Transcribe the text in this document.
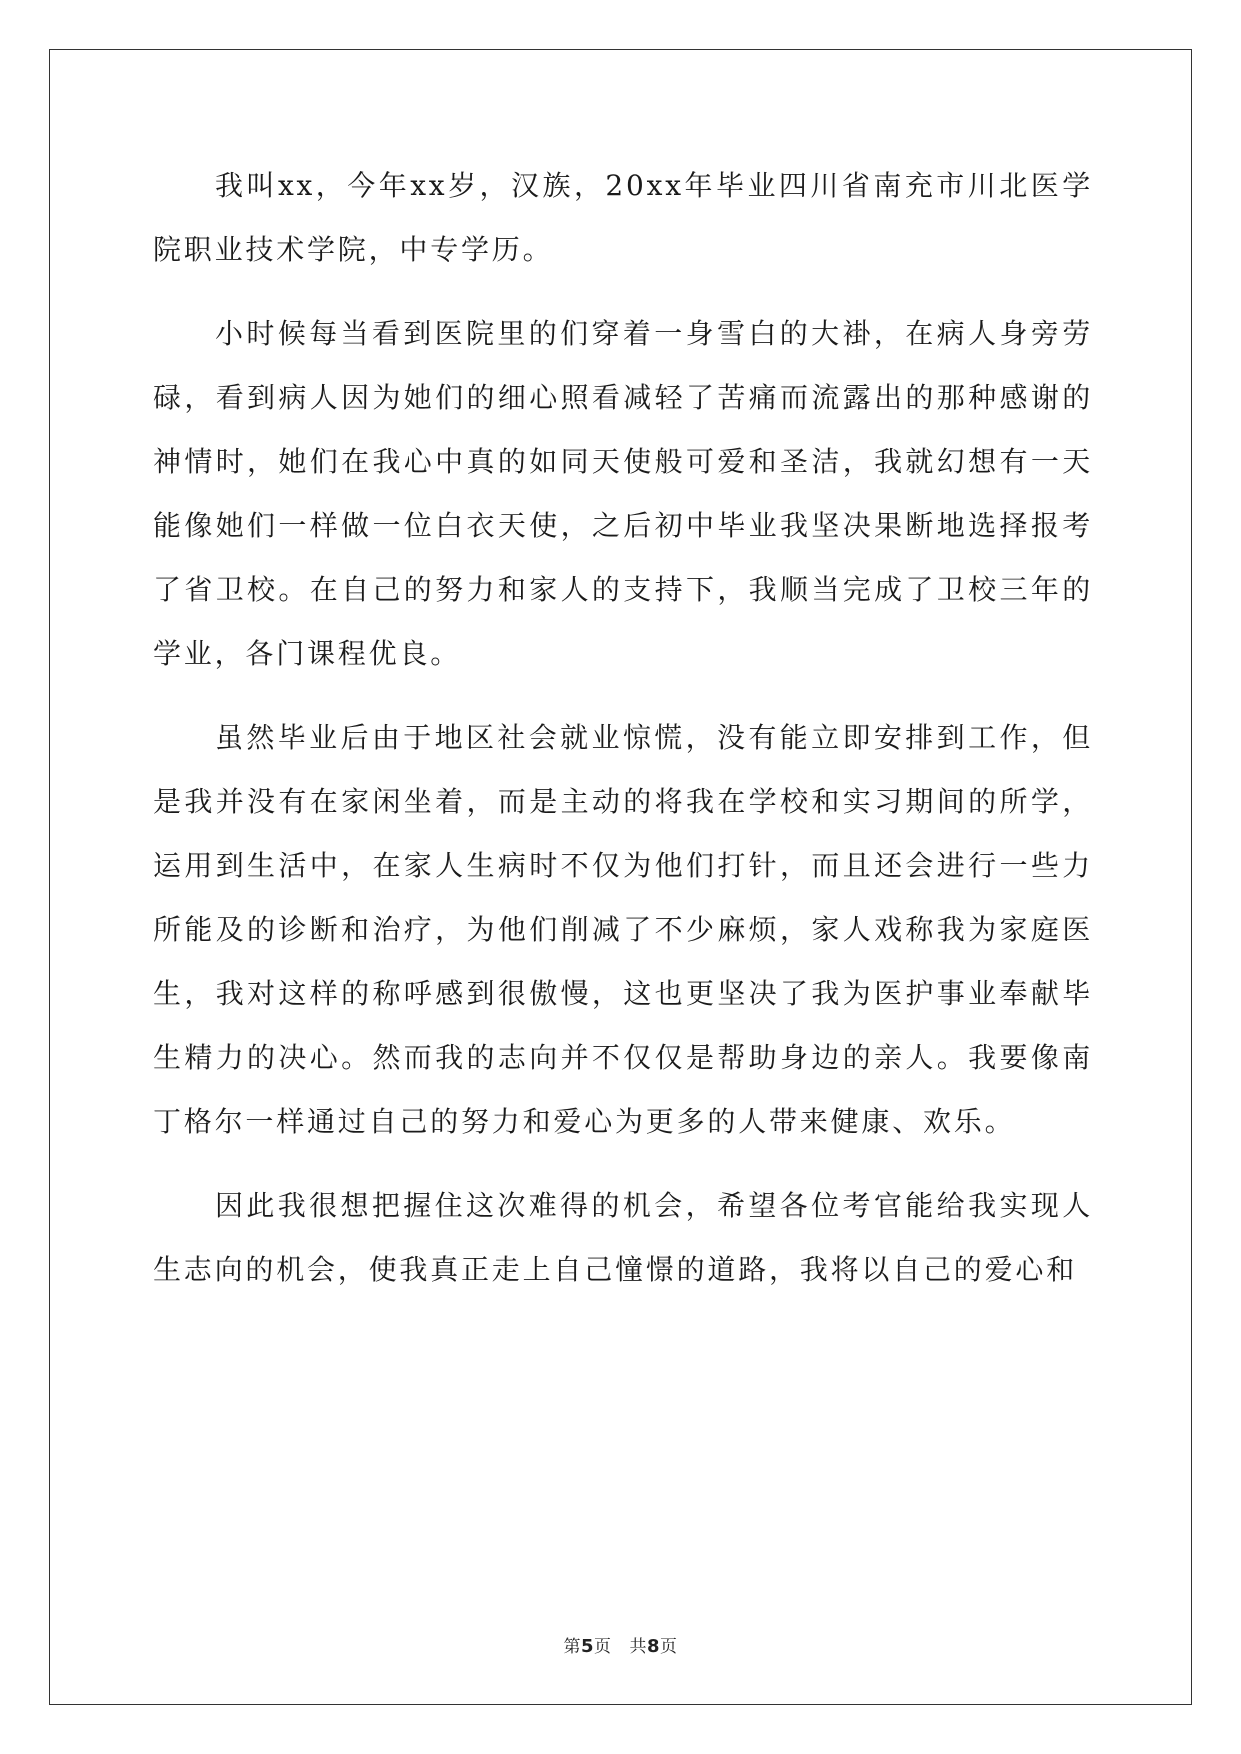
我叫xx，今年xx岁，汉族，20xx年毕业四川省南充市川北医学院职业技术学院，中专学历。

小时候每当看到医院里的们穿着一身雪白的大褂，在病人身旁劳碌，看到病人因为她们的细心照看减轻了苦痛而流露出的那种感谢的神情时，她们在我心中真的如同天使般可爱和圣洁，我就幻想有一天能像她们一样做一位白衣天使，之后初中毕业我坚决果断地选择报考了省卫校。在自己的努力和家人的支持下，我顺当完成了卫校三年的学业，各门课程优良。

虽然毕业后由于地区社会就业惊慌，没有能立即安排到工作，但是我并没有在家闲坐着，而是主动的将我在学校和实习期间的所学，运用到生活中，在家人生病时不仅为他们打针，而且还会进行一些力所能及的诊断和治疗，为他们削减了不少麻烦，家人戏称我为家庭医生，我对这样的称呼感到很傲慢，这也更坚决了我为医护事业奉献毕生精力的决心。然而我的志向并不仅仅是帮助身边的亲人。我要像南丁格尔一样通过自己的努力和爱心为更多的人带来健康、欢乐。

因此我很想把握住这次难得的机会，希望各位考官能给我实现人生志向的机会，使我真正走上自己憧憬的道路，我将以自己的爱心和

第5页 共8页
